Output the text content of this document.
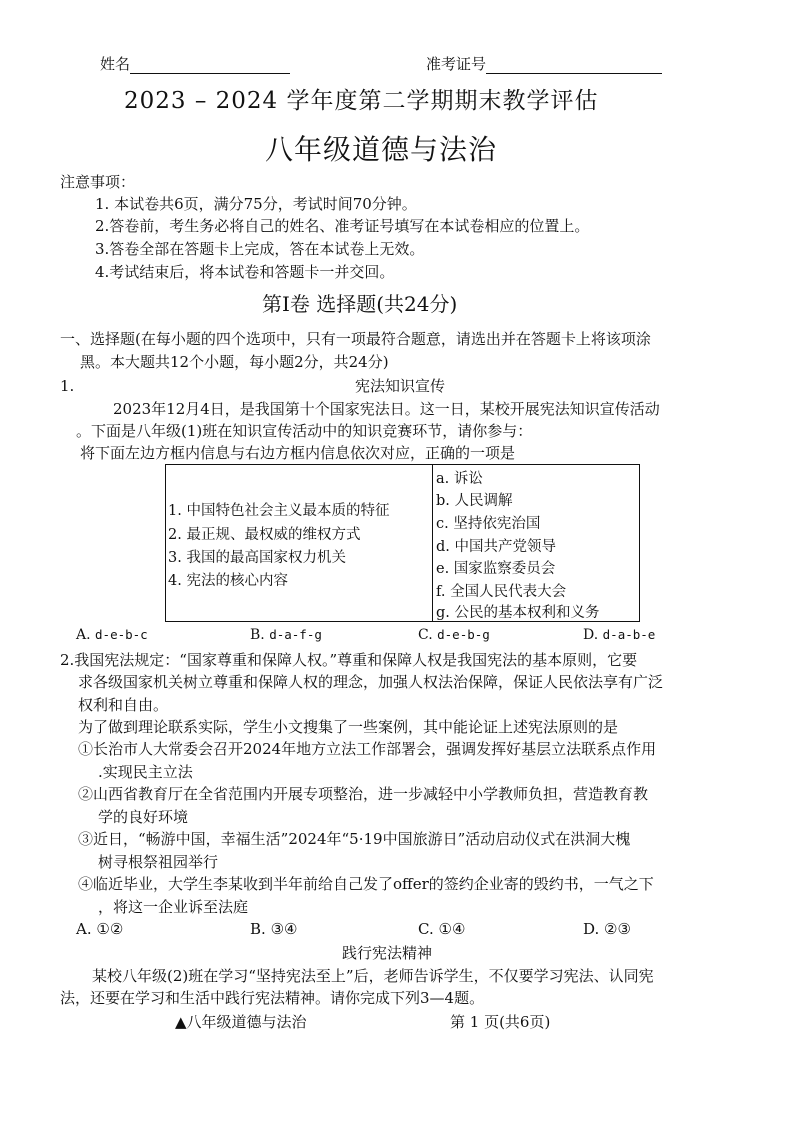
姓名	准考证号
2023 – 2024 学年度第二学期期末教学评估
八年级道德与法治
注意事项：
1. 本试卷共6页，满分75分，考试时间70分钟。
2.答卷前，考生务必将自己的姓名、准考证号填写在本试卷相应的位置上。
3.答卷全部在答题卡上完成，答在本试卷上无效。
4.考试结束后，将本试卷和答题卡一并交回。
第Ⅰ卷 选择题(共24分)
一、选择题(在每小题的四个选项中，只有一项最符合题意，请选出并在答题卡上将该项涂
黑。本大题共12个小题，每小题2分，共24分)
1.	宪法知识宣传
2023年12月4日，是我国第十个国家宪法日。这一日，某校开展宪法知识宣传活动
。下面是八年级(1)班在知识宣传活动中的知识竞赛环节，请你参与：
将下面左边方框内信息与右边方框内信息依次对应，正确的一项是
1. 中国特色社会主义最本质的特征
2. 最正规、最权威的维权方式
3. 我国的最高国家权力机关
4. 宪法的核心内容
a. 诉讼
b. 人民调解
c. 坚持依宪治国
d. 中国共产党领导
e. 国家监察委员会
f. 全国人民代表大会
g. 公民的基本权利和义务
A. d-e-b-c	B. d-a-f-g	C. d-e-b-g	D. d-a-b-e
2.我国宪法规定：“国家尊重和保障人权。”尊重和保障人权是我国宪法的基本原则，它要
求各级国家机关树立尊重和保障人权的理念，加强人权法治保障，保证人民依法享有广泛
权利和自由。
为了做到理论联系实际，学生小文搜集了一些案例，其中能论证上述宪法原则的是
①长治市人大常委会召开2024年地方立法工作部署会，强调发挥好基层立法联系点作用
.实现民主立法
②山西省教育厅在全省范围内开展专项整治，进一步减轻中小学教师负担，营造教育教
学的良好环境
③近日，“畅游中国，幸福生活”2024年“5·19中国旅游日”活动启动仪式在洪洞大槐
树寻根祭祖园举行
④临近毕业，大学生李某收到半年前给自己发了offer的签约企业寄的毁约书，一气之下
，将这一企业诉至法庭
A. ①②	B. ③④	C. ①④	D. ②③
践行宪法精神
某校八年级(2)班在学习“坚持宪法至上”后，老师告诉学生，不仅要学习宪法、认同宪
法，还要在学习和生活中践行宪法精神。请你完成下列3—4题。
▲八年级道德与法治	第 1 页(共6页)
